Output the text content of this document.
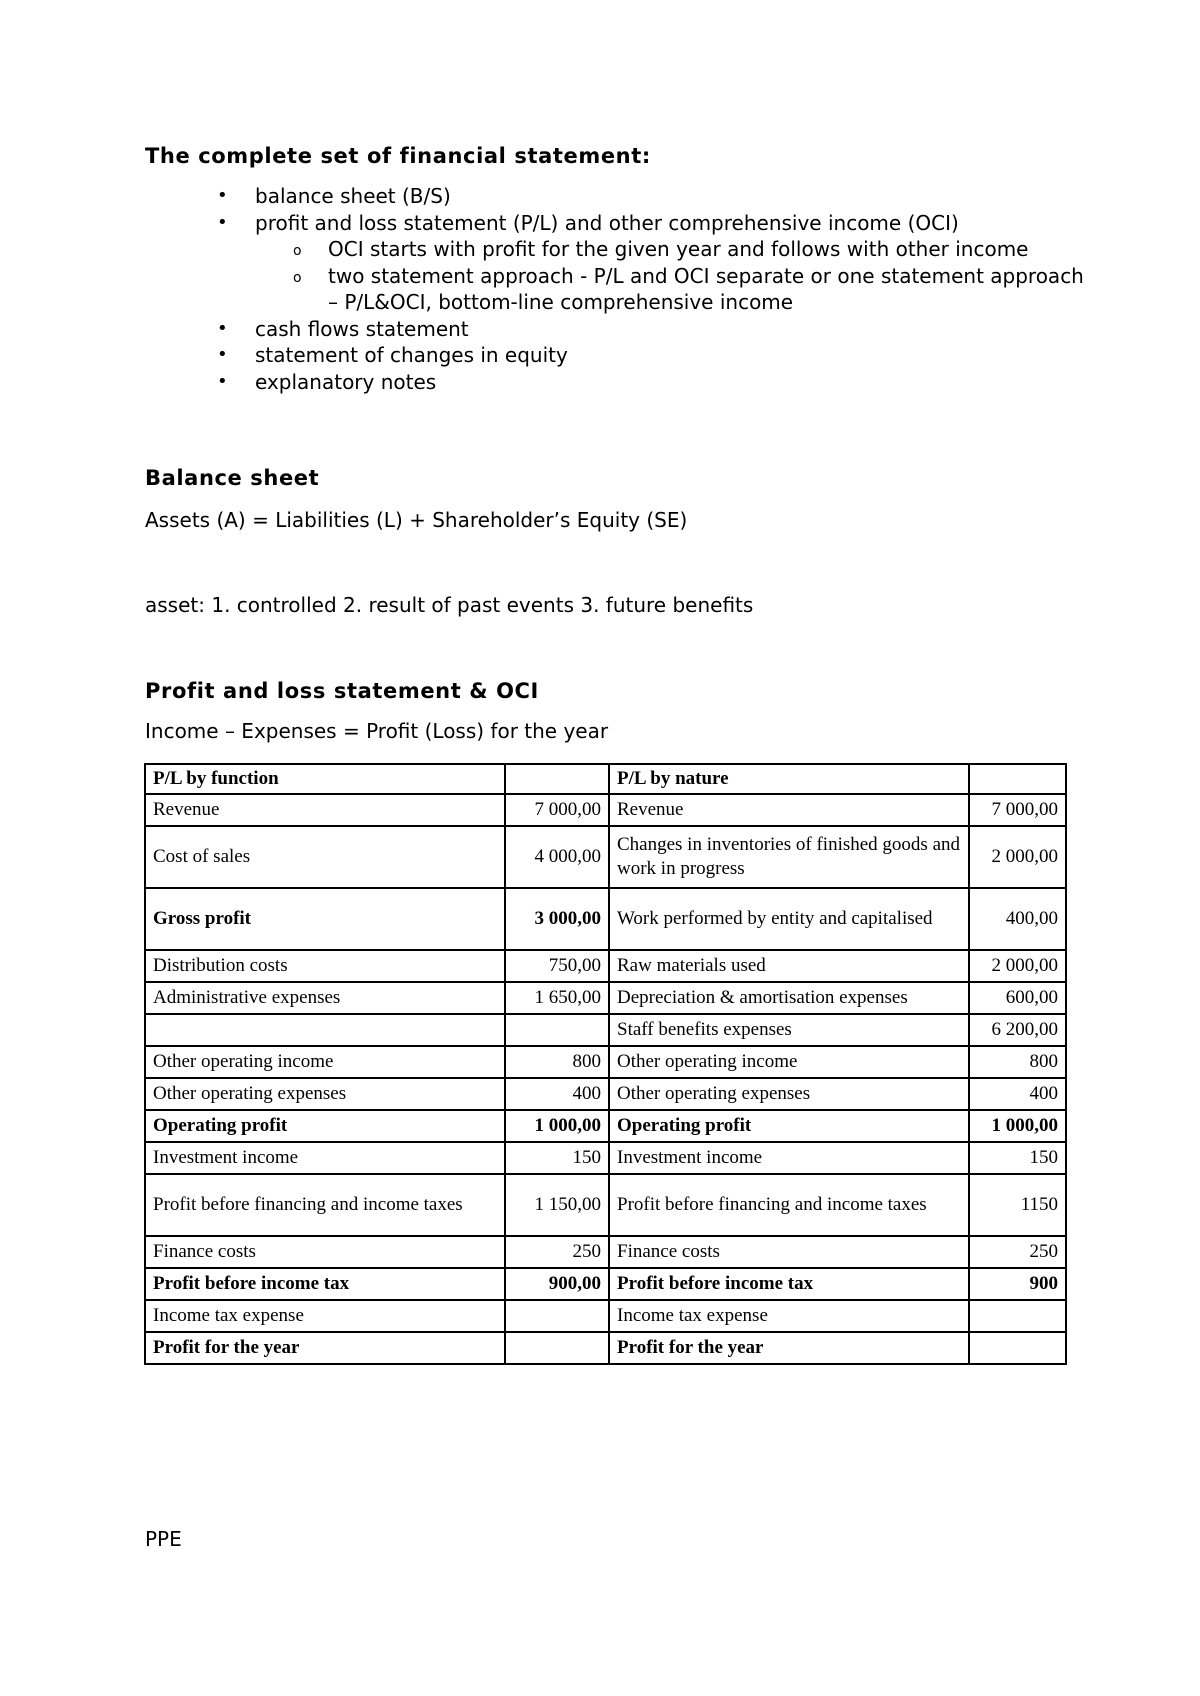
The complete set of financial statement:
• balance sheet (B/S)
• profit and loss statement (P/L) and other comprehensive income (OCI)
o OCI starts with profit for the given year and follows with other income
o two statement approach - P/L and OCI separate or one statement approach – P/L&OCI, bottom-line comprehensive income
• cash flows statement
• statement of changes in equity
• explanatory notes
Balance sheet

Assets (A) = Liabilities (L) + Shareholder’s Equity (SE)

asset: 1. controlled 2. result of past events 3. future benefits

Profit and loss statement & OCI

Income – Expenses = Profit (Loss) for the year

P/L by function		P/L by nature	
Revenue	7 000,00	Revenue	7 000,00
Cost of sales	4 000,00	Changes in inventories of finished goods and work in progress	2 000,00
Gross profit	3 000,00	Work performed by entity and capitalised	400,00
Distribution costs	750,00	Raw materials used	2 000,00
Administrative expenses	1 650,00	Depreciation & amortisation expenses	600,00
		Staff benefits expenses	6 200,00
Other operating income	800	Other operating income	800
Other operating expenses	400	Other operating expenses	400
Operating profit	1 000,00	Operating profit	1 000,00
Investment income	150	Investment income	150
Profit before financing and income taxes	1 150,00	Profit before financing and income taxes	1150
Finance costs	250	Finance costs	250
Profit before income tax	900,00	Profit before income tax	900
Income tax expense		Income tax expense	
Profit for the year		Profit for the year	

PPE
